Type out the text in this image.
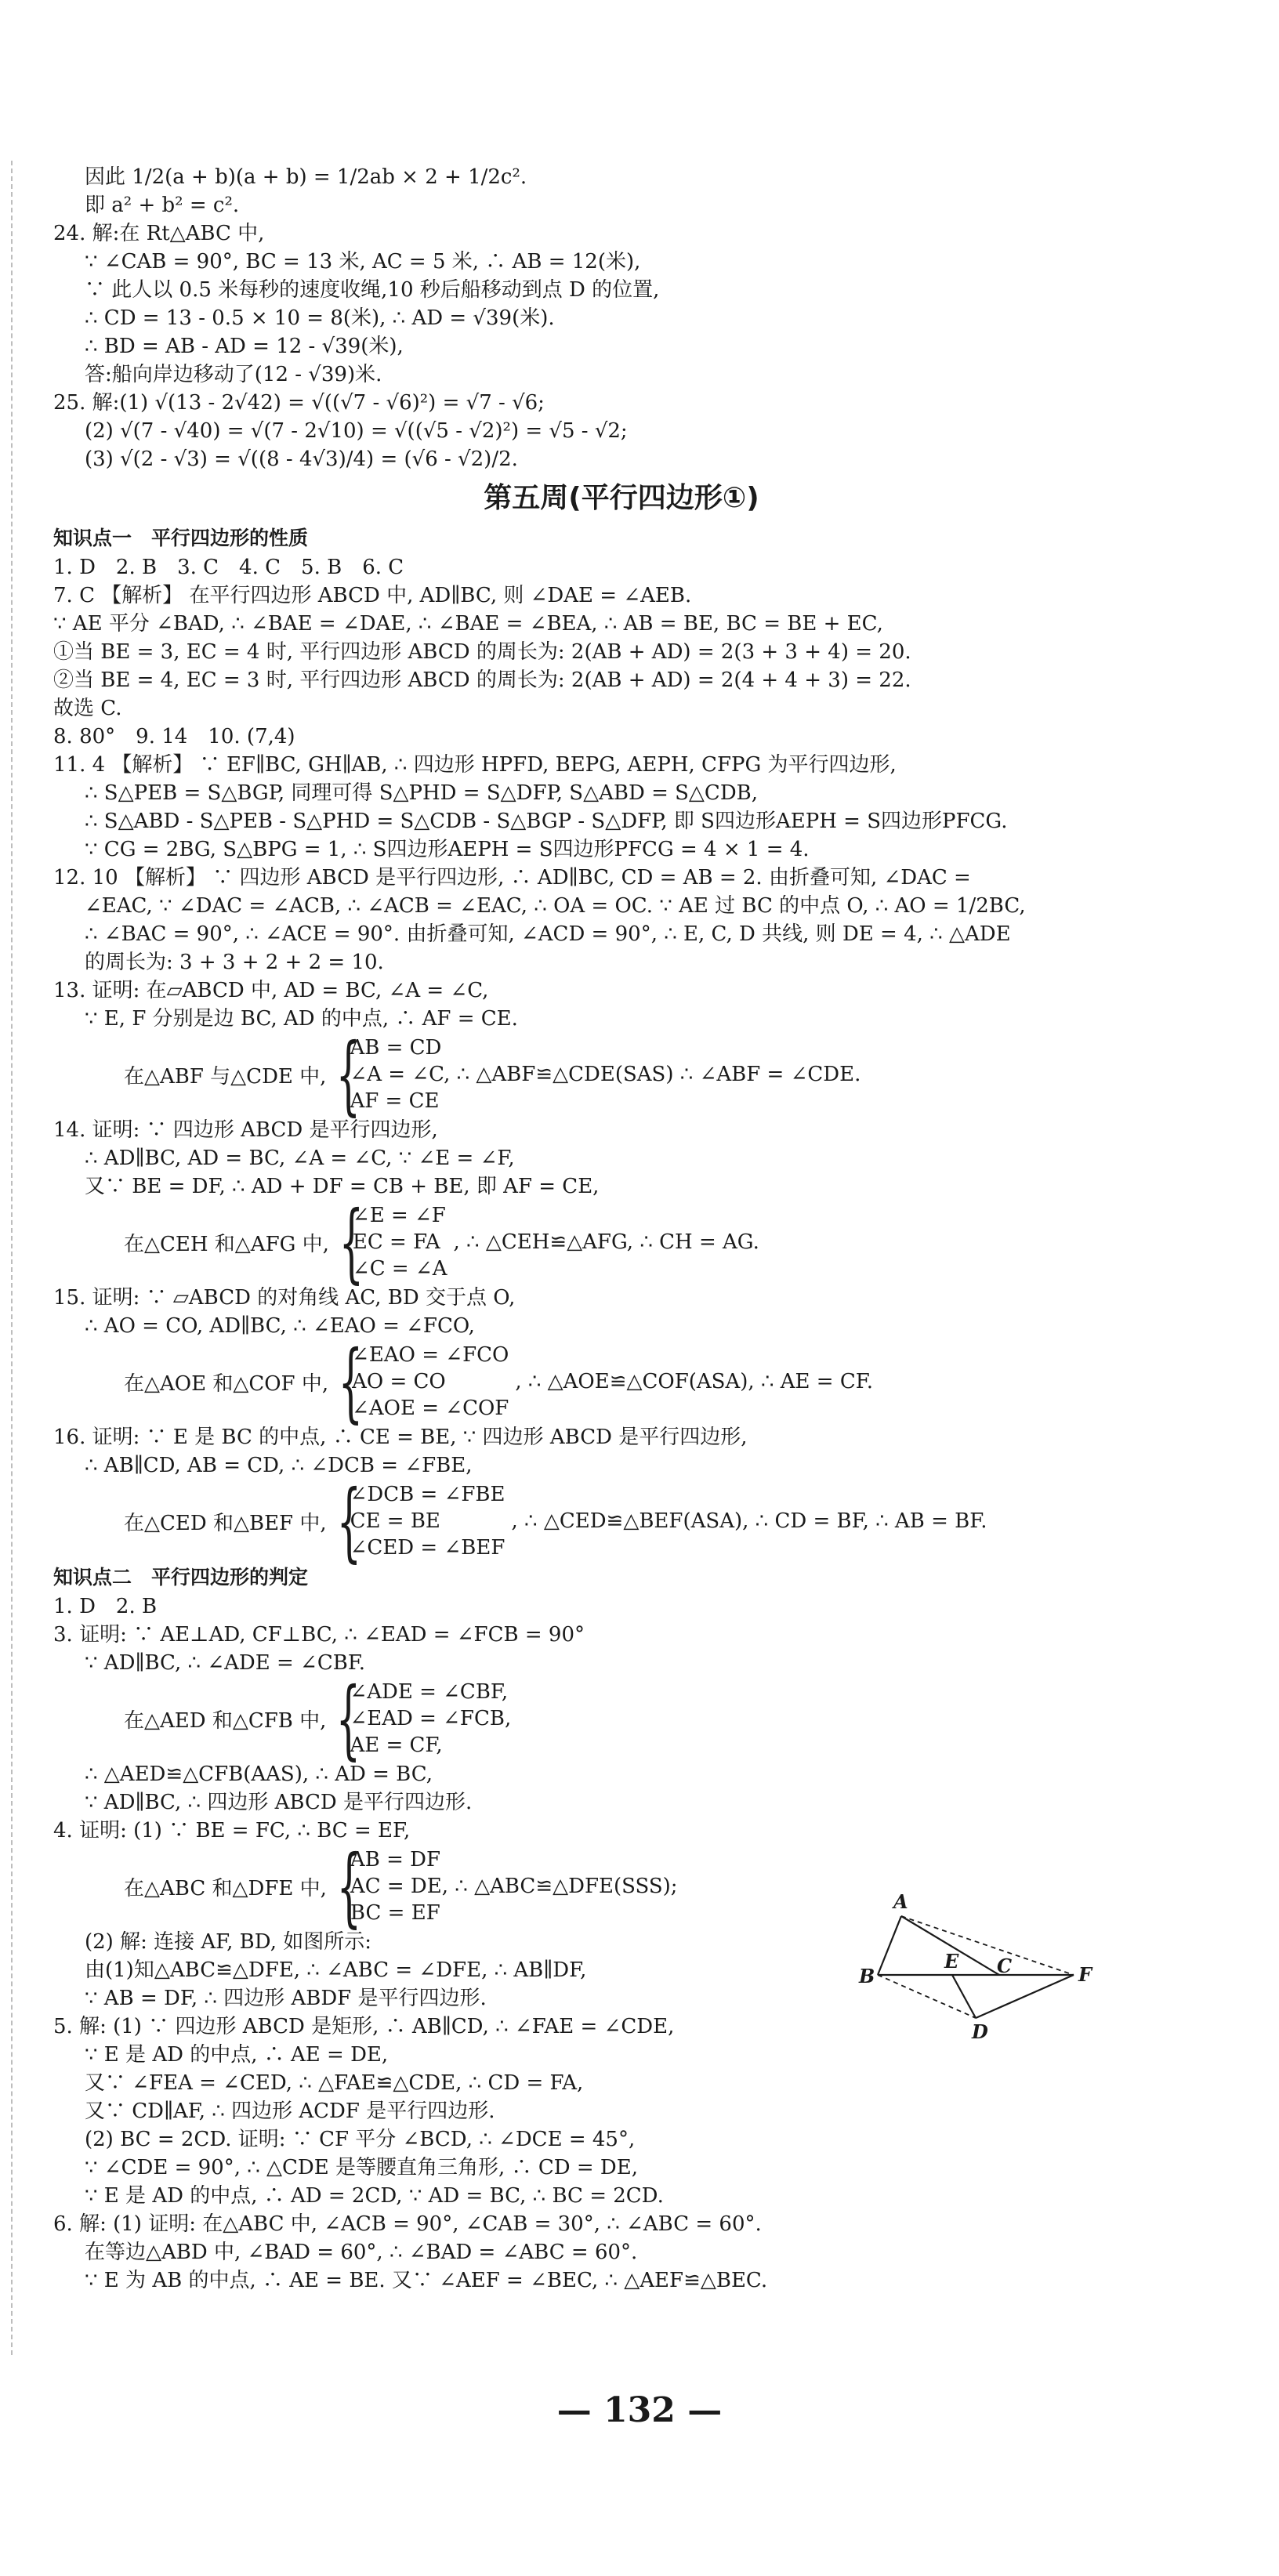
因此 1/2(a + b)(a + b) = 1/2ab × 2 + 1/2c².
即 a² + b² = c².
24. 解:在 Rt△ABC 中,
∵ ∠CAB = 90°, BC = 13 米, AC = 5 米, ∴ AB = 12(米),
∵ 此人以 0.5 米每秒的速度收绳,10 秒后船移动到点 D 的位置,
∴ CD = 13 - 0.5 × 10 = 8(米), ∴ AD = √39(米).
∴ BD = AB - AD = 12 - √39(米),
答:船向岸边移动了(12 - √39)米.
25. 解:(1) √(13 - 2√42) = √((√7 - √6)²) = √7 - √6;
(2) √(7 - √40) = √(7 - 2√10) = √((√5 - √2)²) = √5 - √2;
(3) √(2 - √3) = √((8 - 4√3)/4) = (√6 - √2)/2.
第五周(平行四边形①)
知识点一　平行四边形的性质
1. D　2. B　3. C　4. C　5. B　6. C
7. C 【解析】 在平行四边形 ABCD 中, AD∥BC, 则 ∠DAE = ∠AEB.
∵ AE 平分 ∠BAD, ∴ ∠BAE = ∠DAE, ∴ ∠BAE = ∠BEA, ∴ AB = BE, BC = BE + EC,
①当 BE = 3, EC = 4 时, 平行四边形 ABCD 的周长为: 2(AB + AD) = 2(3 + 3 + 4) = 20.
②当 BE = 4, EC = 3 时, 平行四边形 ABCD 的周长为: 2(AB + AD) = 2(4 + 4 + 3) = 22.
故选 C.
8. 80°　9. 14　10. (7,4)
11. 4 【解析】 ∵ EF∥BC, GH∥AB, ∴ 四边形 HPFD, BEPG, AEPH, CFPG 为平行四边形,
∴ S△PEB = S△BGP, 同理可得 S△PHD = S△DFP, S△ABD = S△CDB,
∴ S△ABD - S△PEB - S△PHD = S△CDB - S△BGP - S△DFP, 即 S四边形AEPH = S四边形PFCG.
∵ CG = 2BG, S△BPG = 1, ∴ S四边形AEPH = S四边形PFCG = 4 × 1 = 4.
12. 10 【解析】 ∵ 四边形 ABCD 是平行四边形, ∴ AD∥BC, CD = AB = 2. 由折叠可知, ∠DAC =
∠EAC, ∵ ∠DAC = ∠ACB, ∴ ∠ACB = ∠EAC, ∴ OA = OC. ∵ AE 过 BC 的中点 O, ∴ AO = 1/2BC,
∴ ∠BAC = 90°, ∴ ∠ACE = 90°. 由折叠可知, ∠ACD = 90°, ∴ E, C, D 共线, 则 DE = 4, ∴ △ADE
的周长为: 3 + 3 + 2 + 2 = 10.
13. 证明: 在▱ABCD 中, AD = BC, ∠A = ∠C,
∵ E, F 分别是边 BC, AD 的中点, ∴ AF = CE.
在△ABF 与△CDE 中, {
AB = CD
∠A = ∠C, ∴ △ABF≌△CDE(SAS) ∴ ∠ABF = ∠CDE.
AF = CE
14. 证明: ∵ 四边形 ABCD 是平行四边形,
∴ AD∥BC, AD = BC, ∠A = ∠C, ∵ ∠E = ∠F,
又∵ BE = DF, ∴ AD + DF = CB + BE, 即 AF = CE,
在△CEH 和△AFG 中, {
∠E = ∠F
EC = FA
∠C = ∠A
, ∴ △CEH≌△AFG, ∴ CH = AG.
15. 证明: ∵ ▱ABCD 的对角线 AC, BD 交于点 O,
∴ AO = CO, AD∥BC, ∴ ∠EAO = ∠FCO,
在△AOE 和△COF 中, {
∠EAO = ∠FCO
AO = CO
∠AOE = ∠COF
, ∴ △AOE≌△COF(ASA), ∴ AE = CF.
16. 证明: ∵ E 是 BC 的中点, ∴ CE = BE, ∵ 四边形 ABCD 是平行四边形,
∴ AB∥CD, AB = CD, ∴ ∠DCB = ∠FBE,
在△CED 和△BEF 中, {
∠DCB = ∠FBE
CE = BE
∠CED = ∠BEF
, ∴ △CED≌△BEF(ASA), ∴ CD = BF, ∴ AB = BF.
知识点二　平行四边形的判定
1. D　2. B
3. 证明: ∵ AE⊥AD, CF⊥BC, ∴ ∠EAD = ∠FCB = 90°
∵ AD∥BC, ∴ ∠ADE = ∠CBF.
在△AED 和△CFB 中, {
∠ADE = ∠CBF,
∠EAD = ∠FCB,
AE = CF,
∴ △AED≌△CFB(AAS), ∴ AD = BC,
∵ AD∥BC, ∴ 四边形 ABCD 是平行四边形.
4. 证明: (1) ∵ BE = FC, ∴ BC = EF,
在△ABC 和△DFE 中, {
AB = DF
AC = DE, ∴ △ABC≌△DFE(SSS);
BC = EF
(2) 解: 连接 AF, BD, 如图所示:
由(1)知△ABC≌△DFE, ∴ ∠ABC = ∠DFE, ∴ AB∥DF,
∵ AB = DF, ∴ 四边形 ABDF 是平行四边形.
5. 解: (1) ∵ 四边形 ABCD 是矩形, ∴ AB∥CD, ∴ ∠FAE = ∠CDE,
∵ E 是 AD 的中点, ∴ AE = DE,
又∵ ∠FEA = ∠CED, ∴ △FAE≌△CDE, ∴ CD = FA,
又∵ CD∥AF, ∴ 四边形 ACDF 是平行四边形.
(2) BC = 2CD. 证明: ∵ CF 平分 ∠BCD, ∴ ∠DCE = 45°,
∵ ∠CDE = 90°, ∴ △CDE 是等腰直角三角形, ∴ CD = DE,
∵ E 是 AD 的中点, ∴ AD = 2CD, ∵ AD = BC, ∴ BC = 2CD.
6. 解: (1) 证明: 在△ABC 中, ∠ACB = 90°, ∠CAB = 30°, ∴ ∠ABC = 60°.
在等边△ABD 中, ∠BAD = 60°, ∴ ∠BAD = ∠ABC = 60°.
∵ E 为 AB 的中点, ∴ AE = BE. 又∵ ∠AEF = ∠BEC, ∴ △AEF≌△BEC.
A
B	C
D
E
F
— 132 —
